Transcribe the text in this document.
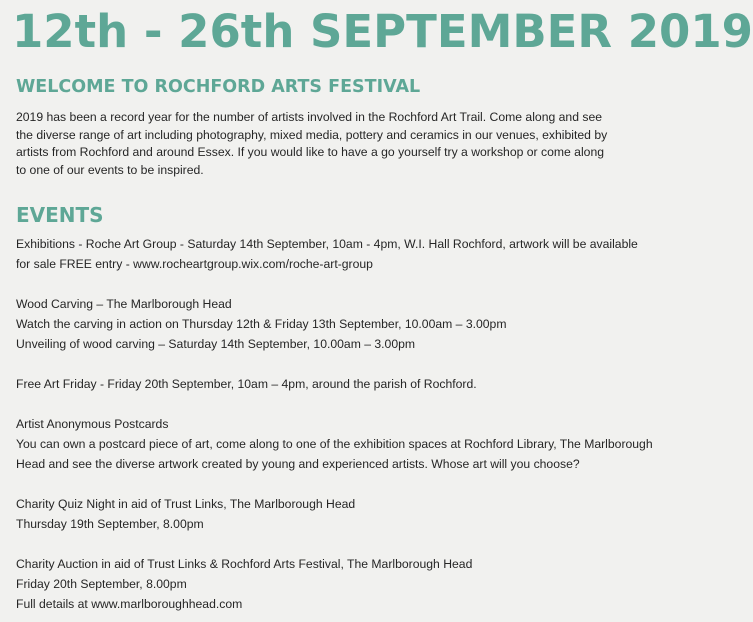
12th - 26th SEPTEMBER 2019
WELCOME TO ROCHFORD ARTS FESTIVAL

2019 has been a record year for the number of artists involved in the Rochford Art Trail. Come along and see the diverse range of art including photography, mixed media, pottery and ceramics in our venues, exhibited by artists from Rochford and around Essex. If you would like to have a go yourself try a workshop or come along to one of our events to be inspired.

EVENTS
Exhibitions - Roche Art Group - Saturday 14th September, 10am - 4pm, W.I. Hall Rochford, artwork will be available
for sale FREE entry - www.rocheartgroup.wix.com/roche-art-group
Wood Carving – The Marlborough Head
Watch the carving in action on Thursday 12th & Friday 13th September, 10.00am – 3.00pm
Unveiling of wood carving – Saturday 14th September, 10.00am – 3.00pm
Free Art Friday - Friday 20th September, 10am – 4pm, around the parish of Rochford.
Artist Anonymous Postcards
You can own a postcard piece of art, come along to one of the exhibition spaces at Rochford Library, The Marlborough
Head and see the diverse artwork created by young and experienced artists. Whose art will you choose?
Charity Quiz Night in aid of Trust Links, The Marlborough Head
Thursday 19th September, 8.00pm
Charity Auction in aid of Trust Links & Rochford Arts Festival, The Marlborough Head
Friday 20th September, 8.00pm
Full details at www.marlboroughhead.com
